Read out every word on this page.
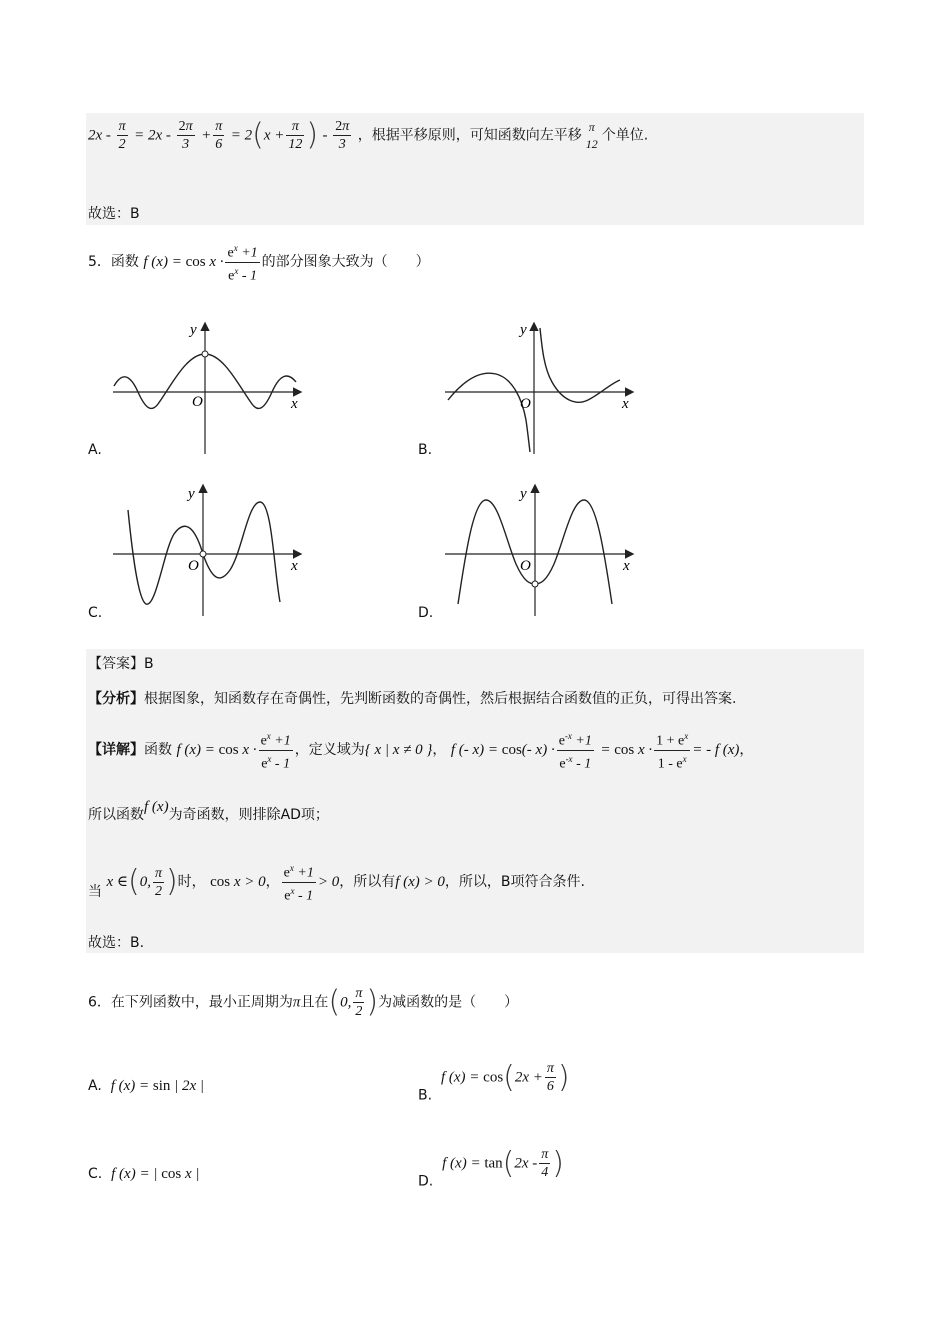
$2x - \frac{\pi}{2} = 2x - \frac{2\pi}{3} + \frac{\pi}{6} = 2(x + \frac{\pi}{12}$ ) - $\frac{2\pi}{3}$ ，根据平移原则，可知函数向左平移
π
12 个单位.
故选：B
5．函数 f $(x) = \cos x \cdot \frac{e^x +1}{e^x - 1}$ 的部分图象大致为（　　）
O	x
y
A.
O	x
y
B.
O	x
y
C.
O	x
y
D.
【答案】B
【分析】根据图象，知函数存在奇偶性，先判断函数的奇偶性，然后根据结合函数值的正负，可得出答案.
【详解】函数 f $(x) = \cos x \cdot \frac{e^x +1}{e^x - 1}$ ，定义域为{ x | x ≠ 0 }， f (- x) = cos(- $x) \cdot \frac{e^{-x} +1}{e^{-x} - 1} = \cos x \cdot \frac{1 + e^x}{1 - e^x}$ = - f (x)，
所以函数f (x)为奇函数，则排除AD项；
当 x ∈(0, $\frac{\pi}{2}$ )时， cos x > 0， $\frac{e^x +1}{e^x - 1} > 0$，所以有f (x) > 0，所以，B项符合条件.
故选：B.
6．在下列函数中，最小正周期为π且在(0, $\frac{\pi}{2}$ )为减函数的是（　　）
A. f (x) = sin | 2x |
B.  f $(x) = \cos(2x + \frac{\pi}{6}$ )
C. f (x) = | cos x |	D.  f $(x) = \tan(2x - \frac{\pi}{4}$ )
